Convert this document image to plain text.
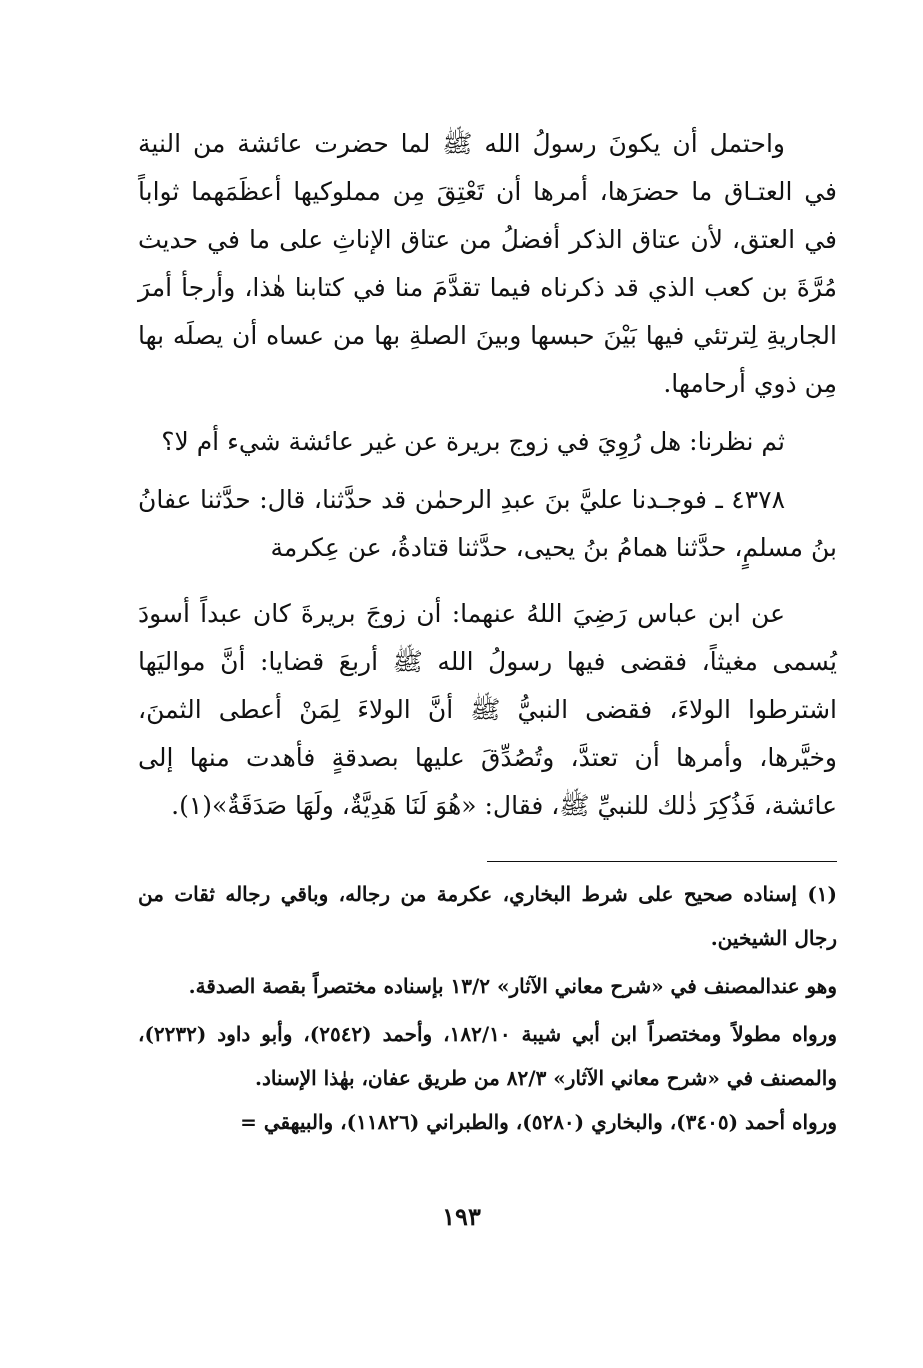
واحتمل أن يكونَ رسولُ الله ﷺ لما حضرت عائشة من النية في العتـاق ما حضرَها، أمرها أن تَعْتِقَ مِن مملوكيها أعظَمَهما ثواباً في العتق، لأن عتاق الذكر أفضلُ من عتاق الإناثِ على ما في حديث مُرَّةَ بن كعب الذي قد ذكرناه فيما تقدَّمَ منا في كتابنا هٰذا، وأرجأ أمرَ الجاريةِ لِترتئي فيها بَيْنَ حبسها وبينَ الصلةِ بها من عساه أن يصلَه بها مِن ذوي أرحامها.

ثم نظرنا: هل رُوِيَ في زوج بريرة عن غير عائشة شيء أم لا؟

٤٣٧٨ ـ فوجـدنا عليَّ بنَ عبدِ الرحمٰن قد حدَّثنا، قال: حدَّثنا عفانُ بنُ مسلمٍ، حدَّثنا همامُ بنُ يحيى، حدَّثنا قتادةُ، عن عِكرمة

عن ابن عباس رَضِيَ اللهُ عنهما: أن زوجَ بريرةَ كان عبداً أسودَ يُسمى مغيثاً، فقضى فيها رسولُ الله ﷺ أربعَ قضايا: أنَّ مواليَها اشترطوا الولاءَ، فقضى النبيُّ ﷺ أنَّ الولاءَ لِمَنْ أعطى الثمنَ، وخيَّرها، وأمرها أن تعتدَّ، وتُصُدِّقَ عليها بصدقةٍ فأهدت منها إلى عائشة، فَذُكِرَ ذٰلك للنبيِّ ﷺ، فقال: «هُوَ لَنَا هَدِيَّةٌ، ولَهَا صَدَقَةٌ»(١).

(١) إسناده صحيح على شرط البخاري، عكرمة من رجاله، وباقي رجاله ثقات من رجال الشيخين.

وهو عندالمصنف في «شرح معاني الآثار» ١٣/٢ بإسناده مختصراً بقصة الصدقة.

ورواه مطولاً ومختصراً ابن أبي شيبة ١٨٢/١٠، وأحمد (٢٥٤٢)، وأبو داود (٢٢٣٢)، والمصنف في «شرح معاني الآثار» ٨٢/٣ من طريق عفان، بهٰذا الإسناد.

ورواه أحمد (٣٤٠٥)، والبخاري (٥٢٨٠)، والطبراني (١١٨٢٦)، والبيهقي =

١٩٣
